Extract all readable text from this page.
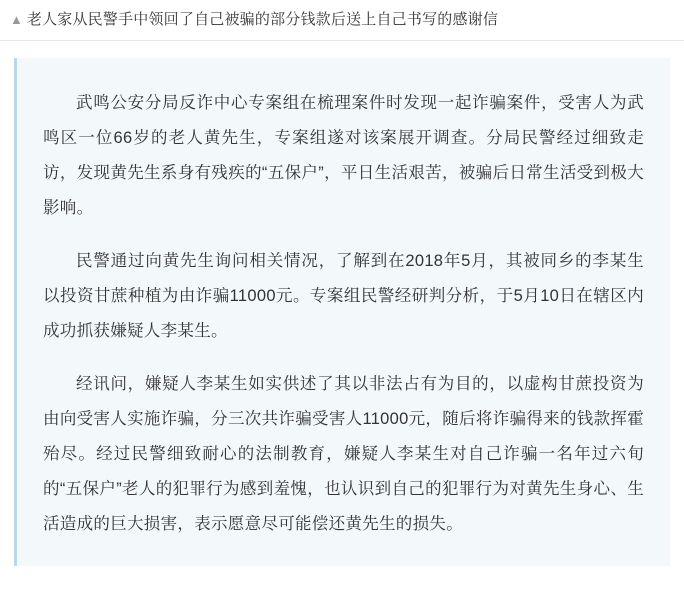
▲ 老人家从民警手中领回了自己被骗的部分钱款后送上自己书写的感谢信

武鸣公安分局反诈中心专案组在梳理案件时发现一起诈骗案件，受害人为武鸣区一位66岁的老人黄先生，专案组遂对该案展开调查。分局民警经过细致走访，发现黄先生系身有残疾的“五保户”，平日生活艰苦，被骗后日常生活受到极大影响。

民警通过向黄先生询问相关情况，了解到在2018年5月，其被同乡的李某生以投资甘蔗种植为由诈骗11000元。专案组民警经研判分析，于5月10日在辖区内成功抓获嫌疑人李某生。

经讯问，嫌疑人李某生如实供述了其以非法占有为目的，以虚构甘蔗投资为由向受害人实施诈骗，分三次共诈骗受害人11000元，随后将诈骗得来的钱款挥霍殆尽。经过民警细致耐心的法制教育，嫌疑人李某生对自己诈骗一名年过六旬的“五保户”老人的犯罪行为感到羞愧，也认识到自己的犯罪行为对黄先生身心、生活造成的巨大损害，表示愿意尽可能偿还黄先生的损失。
